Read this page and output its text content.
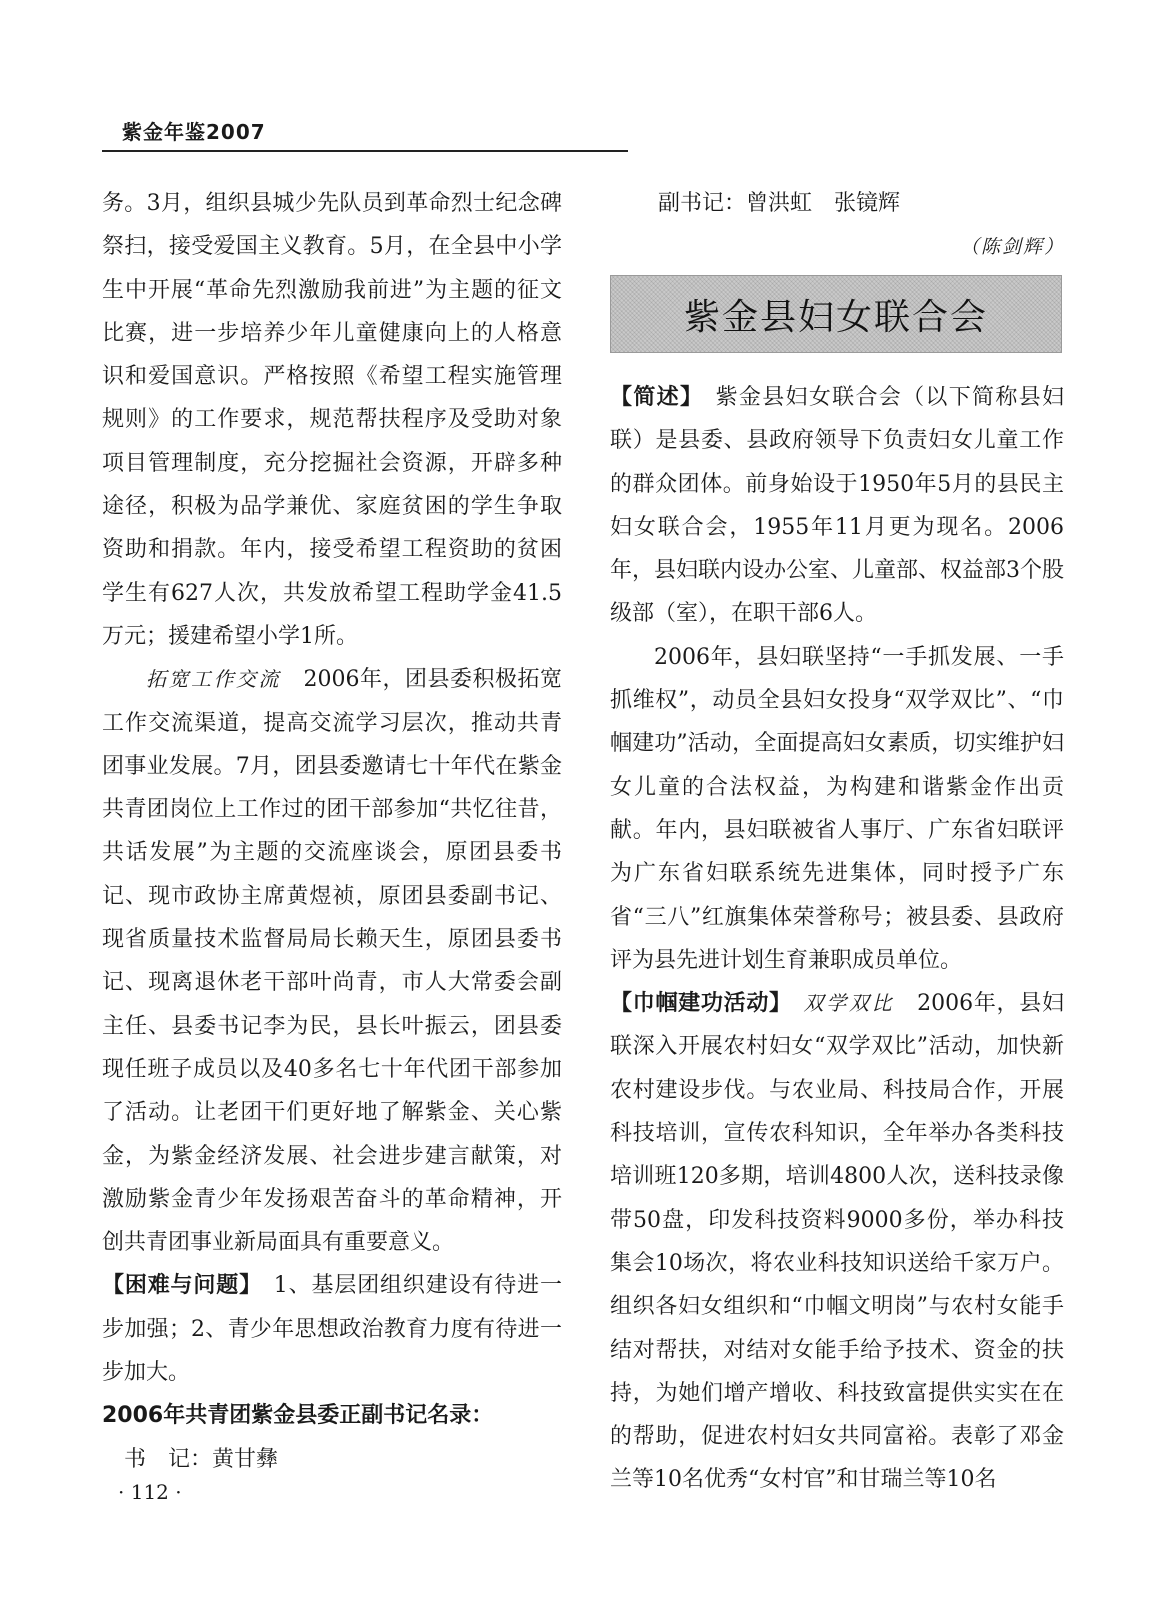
紫金年鉴2007

务。3月，组织县城少先队员到革命烈士纪念碑祭扫，接受爱国主义教育。5月，在全县中小学生中开展“革命先烈激励我前进”为主题的征文比赛，进一步培养少年儿童健康向上的人格意识和爱国意识。严格按照《希望工程实施管理规则》的工作要求，规范帮扶程序及受助对象项目管理制度，充分挖掘社会资源，开辟多种途径，积极为品学兼优、家庭贫困的学生争取资助和捐款。年内，接受希望工程资助的贫困学生有627人次，共发放希望工程助学金41.5万元；援建希望小学1所。

拓宽工作交流　2006年，团县委积极拓宽工作交流渠道，提高交流学习层次，推动共青团事业发展。7月，团县委邀请七十年代在紫金共青团岗位上工作过的团干部参加“共忆往昔，共话发展”为主题的交流座谈会，原团县委书记、现市政协主席黄煜祯，原团县委副书记、现省质量技术监督局局长赖天生，原团县委书记、现离退休老干部叶尚青，市人大常委会副主任、县委书记李为民，县长叶振云，团县委现任班子成员以及40多名七十年代团干部参加了活动。让老团干们更好地了解紫金、关心紫金，为紫金经济发展、社会进步建言献策，对激励紫金青少年发扬艰苦奋斗的革命精神，开创共青团事业新局面具有重要意义。

【困难与问题】　1、基层团组织建设有待进一步加强；2、青少年思想政治教育力度有待进一步加大。

2006年共青团紫金县委正副书记名录：

　书　记：黄甘彝

副书记：曾洪虹　张镜辉
（陈剑辉）
紫金县妇女联合会

【简述】　紫金县妇女联合会（以下简称县妇联）是县委、县政府领导下负责妇女儿童工作的群众团体。前身始设于1950年5月的县民主妇女联合会，1955年11月更为现名。2006年，县妇联内设办公室、儿童部、权益部3个股级部（室），在职干部6人。

2006年，县妇联坚持“一手抓发展、一手抓维权”，动员全县妇女投身“双学双比”、“巾帼建功”活动，全面提高妇女素质，切实维护妇女儿童的合法权益，为构建和谐紫金作出贡献。年内，县妇联被省人事厅、广东省妇联评为广东省妇联系统先进集体，同时授予广东省“三八”红旗集体荣誉称号；被县委、县政府评为县先进计划生育兼职成员单位。

【巾帼建功活动】　双学双比　2006年，县妇联深入开展农村妇女“双学双比”活动，加快新农村建设步伐。与农业局、科技局合作，开展科技培训，宣传农科知识，全年举办各类科技培训班120多期，培训4800人次，送科技录像带50盘，印发科技资料9000多份，举办科技集会10场次，将农业科技知识送给千家万户。组织各妇女组织和“巾帼文明岗”与农村女能手结对帮扶，对结对女能手给予技术、资金的扶持，为她们增产增收、科技致富提供实实在在的帮助，促进农村妇女共同富裕。表彰了邓金兰等10名优秀“女村官”和甘瑞兰等10名

· 112 ·
